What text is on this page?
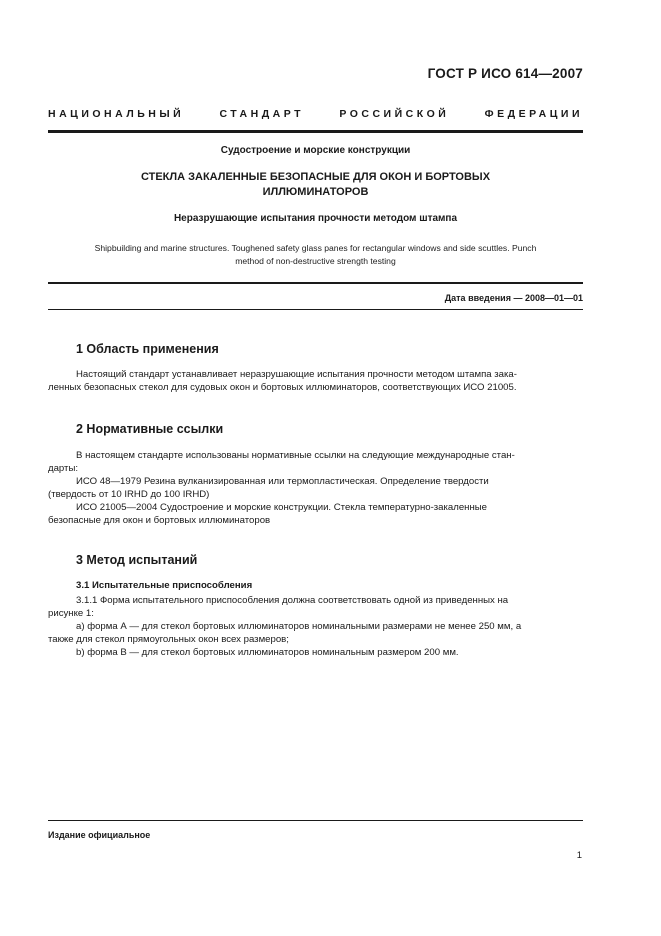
ГОСТ Р ИСО 614—2007
НАЦИОНАЛЬНЫЙ СТАНДАРТ РОССИЙСКОЙ ФЕДЕРАЦИИ
Судостроение и морские конструкции
СТЕКЛА ЗАКАЛЕННЫЕ БЕЗОПАСНЫЕ ДЛЯ ОКОН И БОРТОВЫХ
ИЛЛЮМИНАТОРОВ
Неразрушающие испытания прочности методом штампа
Shipbuilding and marine structures. Toughened safety glass panes for rectangular windows and side scuttles. Punch
method of non-destructive strength testing
Дата введения — 2008—01—01
1 Область применения

Настоящий стандарт устанавливает неразрушающие испытания прочности методом штампа зака-

ленных безопасных стекол для судовых окон и бортовых иллюминаторов, соответствующих ИСО 21005.

2 Нормативные ссылки

В настоящем стандарте использованы нормативные ссылки на следующие международные стан-

дарты:

ИСО 48—1979 Резина вулканизированная или термопластическая. Определение твердости

(твердость от 10 IRHD до 100 IRHD)

ИСО 21005—2004 Судостроение и морские конструкции. Стекла температурно-закаленные

безопасные для окон и бортовых иллюминаторов

3 Метод испытаний
3.1 Испытательные приспособления

3.1.1 Форма испытательного приспособления должна соответствовать одной из приведенных на

рисунке 1:

a) форма А — для стекол бортовых иллюминаторов номинальными размерами не менее 250 мм, а

также для стекол прямоугольных окон всех размеров;

b) форма В — для стекол бортовых иллюминаторов номинальным размером 200 мм.

Издание официальное
1
